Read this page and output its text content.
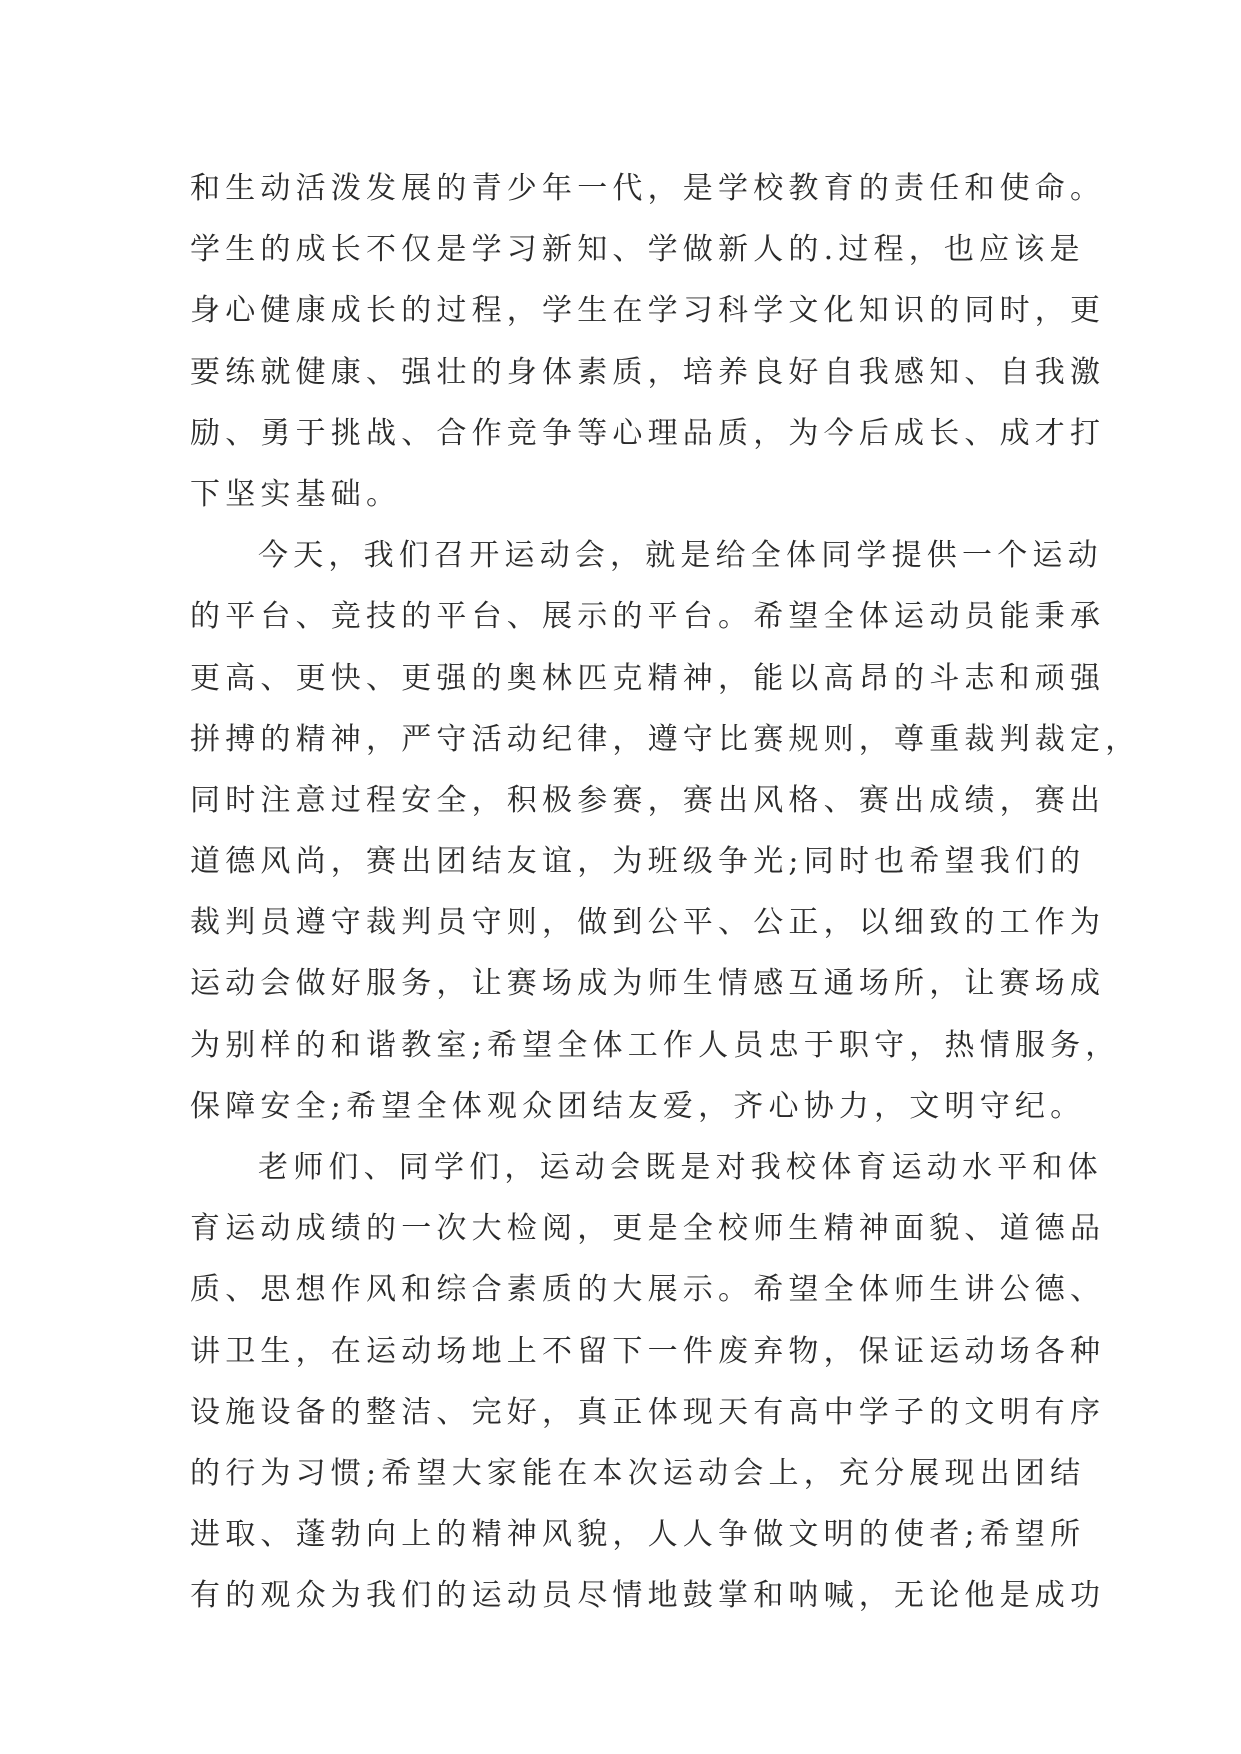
和生动活泼发展的青少年一代，是学校教育的责任和使命。
学生的成长不仅是学习新知、学做新人的.过程，也应该是
身心健康成长的过程，学生在学习科学文化知识的同时，更
要练就健康、强壮的身体素质，培养良好自我感知、自我激
励、勇于挑战、合作竞争等心理品质，为今后成长、成才打
下坚实基础。
今天，我们召开运动会，就是给全体同学提供一个运动
的平台、竞技的平台、展示的平台。希望全体运动员能秉承
更高、更快、更强的奥林匹克精神，能以高昂的斗志和顽强
拼搏的精神，严守活动纪律，遵守比赛规则，尊重裁判裁定，
同时注意过程安全，积极参赛，赛出风格、赛出成绩，赛出
道德风尚，赛出团结友谊，为班级争光;同时也希望我们的
裁判员遵守裁判员守则，做到公平、公正，以细致的工作为
运动会做好服务，让赛场成为师生情感互通场所，让赛场成
为别样的和谐教室;希望全体工作人员忠于职守，热情服务，
保障安全;希望全体观众团结友爱，齐心协力，文明守纪。
老师们、同学们，运动会既是对我校体育运动水平和体
育运动成绩的一次大检阅，更是全校师生精神面貌、道德品
质、思想作风和综合素质的大展示。希望全体师生讲公德、
讲卫生，在运动场地上不留下一件废弃物，保证运动场各种
设施设备的整洁、完好，真正体现天有高中学子的文明有序
的行为习惯;希望大家能在本次运动会上，充分展现出团结
进取、蓬勃向上的精神风貌，人人争做文明的使者;希望所
有的观众为我们的运动员尽情地鼓掌和呐喊，无论他是成功
